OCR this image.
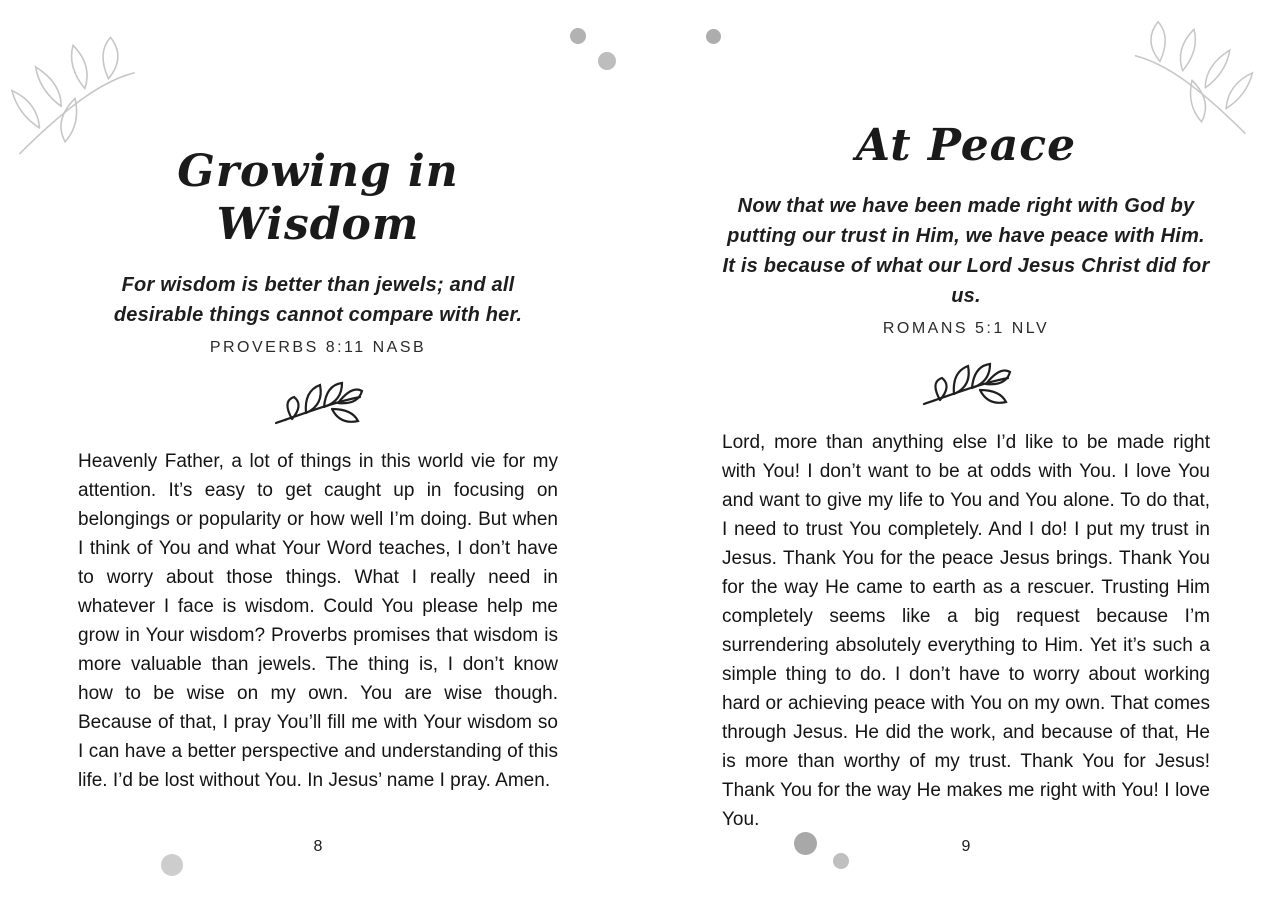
Growing in Wisdom

For wisdom is better than jewels; and all desirable things cannot compare with her.

PROVERBS 8:11 NASB

Heavenly Father, a lot of things in this world vie for my attention. It’s easy to get caught up in focusing on belongings or popularity or how well I’m doing. But when I think of You and what Your Word teaches, I don’t have to worry about those things. What I really need in whatever I face is wisdom. Could You please help me grow in Your wisdom? Proverbs promises that wisdom is more valuable than jewels. The thing is, I don’t know how to be wise on my own. You are wise though. Because of that, I pray You’ll fill me with Your wisdom so I can have a better perspective and understanding of this life. I’d be lost without You. In Jesus’ name I pray. Amen.

8
At Peace

Now that we have been made right with God by putting our trust in Him, we have peace with Him. It is because of what our Lord Jesus Christ did for us.

ROMANS 5:1 NLV

Lord, more than anything else I’d like to be made right with You! I don’t want to be at odds with You. I love You and want to give my life to You and You alone. To do that, I need to trust You completely. And I do! I put my trust in Jesus. Thank You for the peace Jesus brings. Thank You for the way He came to earth as a rescuer. Trusting Him completely seems like a big request because I’m surrendering absolutely everything to Him. Yet it’s such a simple thing to do. I don’t have to worry about working hard or achieving peace with You on my own. That comes through Jesus. He did the work, and because of that, He is more than worthy of my trust. Thank You for Jesus! Thank You for the way He makes me right with You! I love You.

9
